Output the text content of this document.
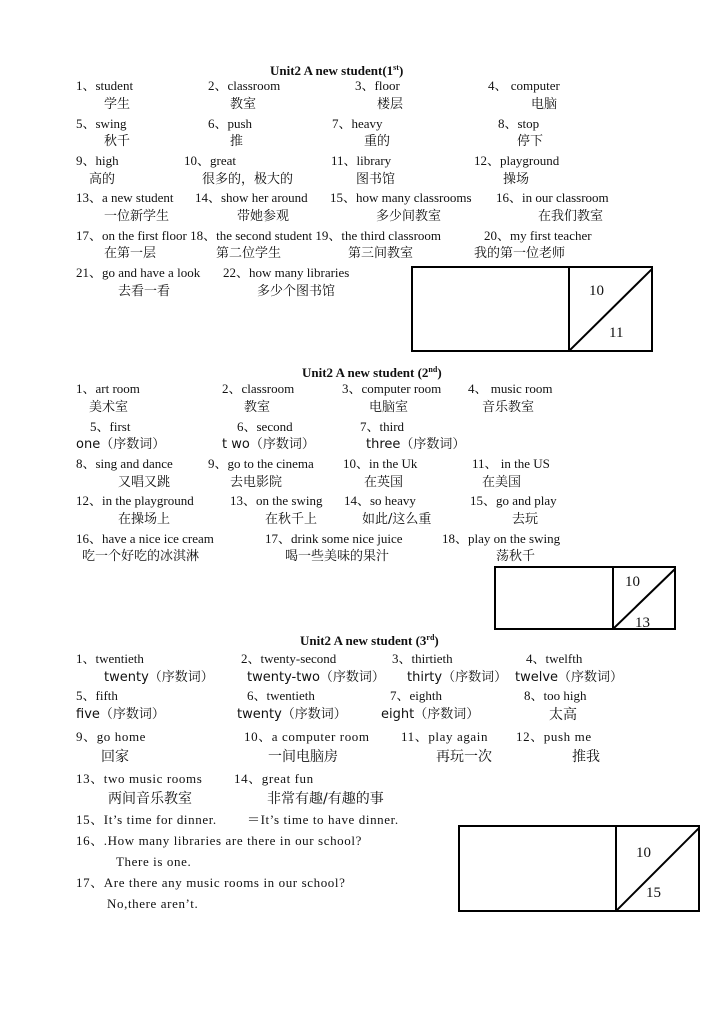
Unit2 A new student(1st)
1、student	2、classroom	3、floor	4、 computer
学生	教室	楼层	电脑
5、swing	6、push	7、heavy	8、stop
秋千	推	重的	停下
9、high	10、great	11、library	12、playground
高的	很多的，极大的	图书馆	操场
13、a new student 14、show her around 15、how many classrooms 16、in our classroom
一位新学生	带她参观	多少间教室	在我们教室
17、on the first floor 18、the second student 19、the third classroom	20、my first teacher
在第一层	第二位学生	第三间教室	我的第一位老师
21、go and have a look 22、how many libraries
去看一看	多少个图书馆	10
11
Unit2 A new student (2nd)
1、art room	2、classroom	3、computer room 4、 music room
美术室	教室	电脑室	音乐教室
5、first	6、second	7、third
one（序数词）	t wo（序数词）	three（序数词）
8、sing and dance	9、go to the cinema 10、in the Uk	11、 in the US
又唱又跳	去电影院	在英国	在美国
12、in the playground	13、on the swing 14、so heavy	15、go and play
在操场上	在秋千上	如此/这么重	去玩
16、have a nice ice cream	17、drink some nice juice	18、play on the swing
吃一个好吃的冰淇淋	喝一些美味的果汁	荡秋千
10
13
Unit2 A new student (3rd)
1、twentieth	2、twenty-second	3、thirtieth	4、twelfth
twenty（序数词）	twenty-two（序数词） thirty（序数词） twelve（序数词）
5、fifth	6、twentieth	7、eighth	8、too high
five（序数词）	twenty（序数词）	eight（序数词）	太高
9、go home	10、a computer room 11、play again 12、push me
回家	一间电脑房	再玩一次	推我
13、two music rooms 14、great fun
两间音乐教室	非常有趣/有趣的事
15、It’s time for dinner. ＝It’s time to have dinner.
16、.How many libraries are there in our school?
There is one.
17、Are there any music rooms in our school?
No,there aren’t.
10
15
